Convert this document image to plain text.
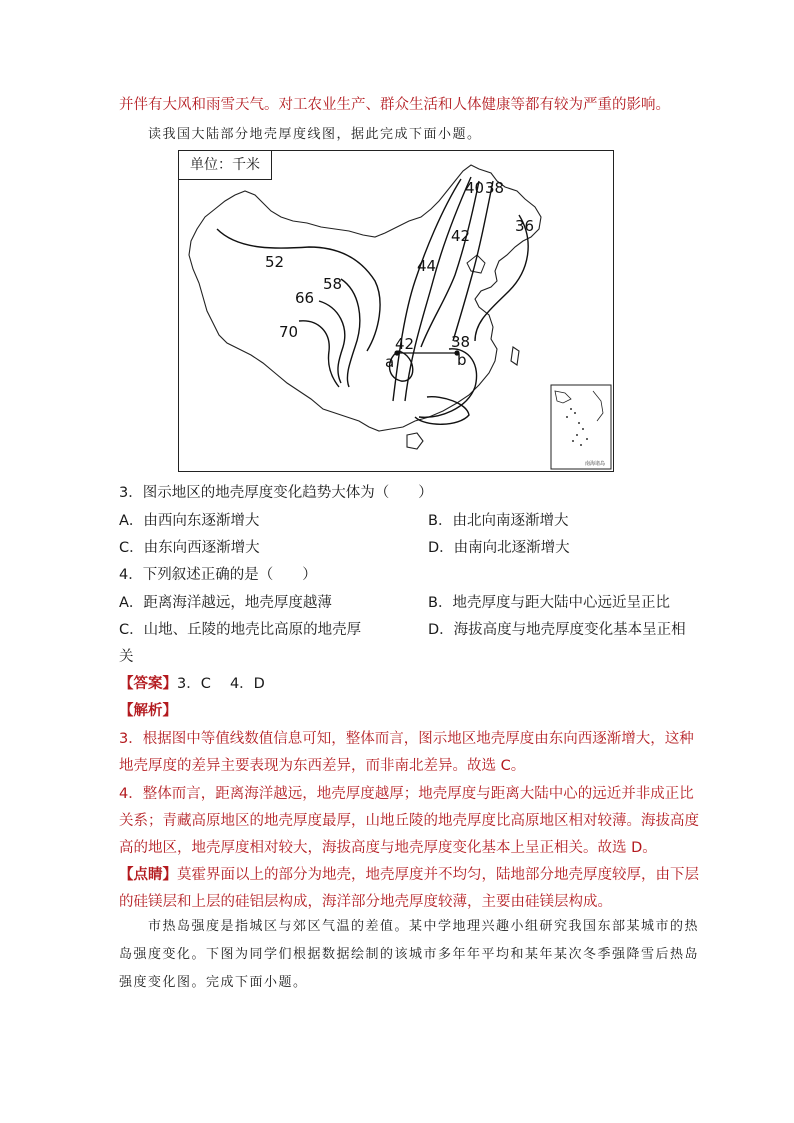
并伴有大风和雨雪天气。对工农业生产、群众生活和人体健康等都有较为严重的影响。
读我国大陆部分地壳厚度线图，据此完成下面小题。
52
58
66
70
40 38
36
42
44
42 38
a	b
南海诸岛
单位：千米
3．图示地区的地壳厚度变化趋势大体为（　　）
A．由西向东逐渐增大	B．由北向南逐渐增大
C．由东向西逐渐增大	D．由南向北逐渐增大
4．下列叙述正确的是（　　）
A．距离海洋越远，地壳厚度越薄	B．地壳厚度与距大陆中心远近呈正比
C．山地、丘陵的地壳比高原的地壳厚	D．海拔高度与地壳厚度变化基本呈正相
关
【答案】3．C　 4．D
【解析】
3．根据图中等值线数值信息可知，整体而言，图示地区地壳厚度由东向西逐渐增大，这种
地壳厚度的差异主要表现为东西差异，而非南北差异。故选 C。
4．整体而言，距离海洋越远，地壳厚度越厚；地壳厚度与距离大陆中心的远近并非成正比
关系；青藏高原地区的地壳厚度最厚，山地丘陵的地壳厚度比高原地区相对较薄。海拔高度
高的地区，地壳厚度相对较大，海拔高度与地壳厚度变化基本上呈正相关。故选 D。
【点睛】莫霍界面以上的部分为地壳，地壳厚度并不均匀，陆地部分地壳厚度较厚，由下层
的硅镁层和上层的硅铝层构成，海洋部分地壳厚度较薄，主要由硅镁层构成。
市热岛强度是指城区与郊区气温的差值。某中学地理兴趣小组研究我国东部某城市的热
岛强度变化。下图为同学们根据数据绘制的该城市多年年平均和某年某次冬季强降雪后热岛
强度变化图。完成下面小题。
